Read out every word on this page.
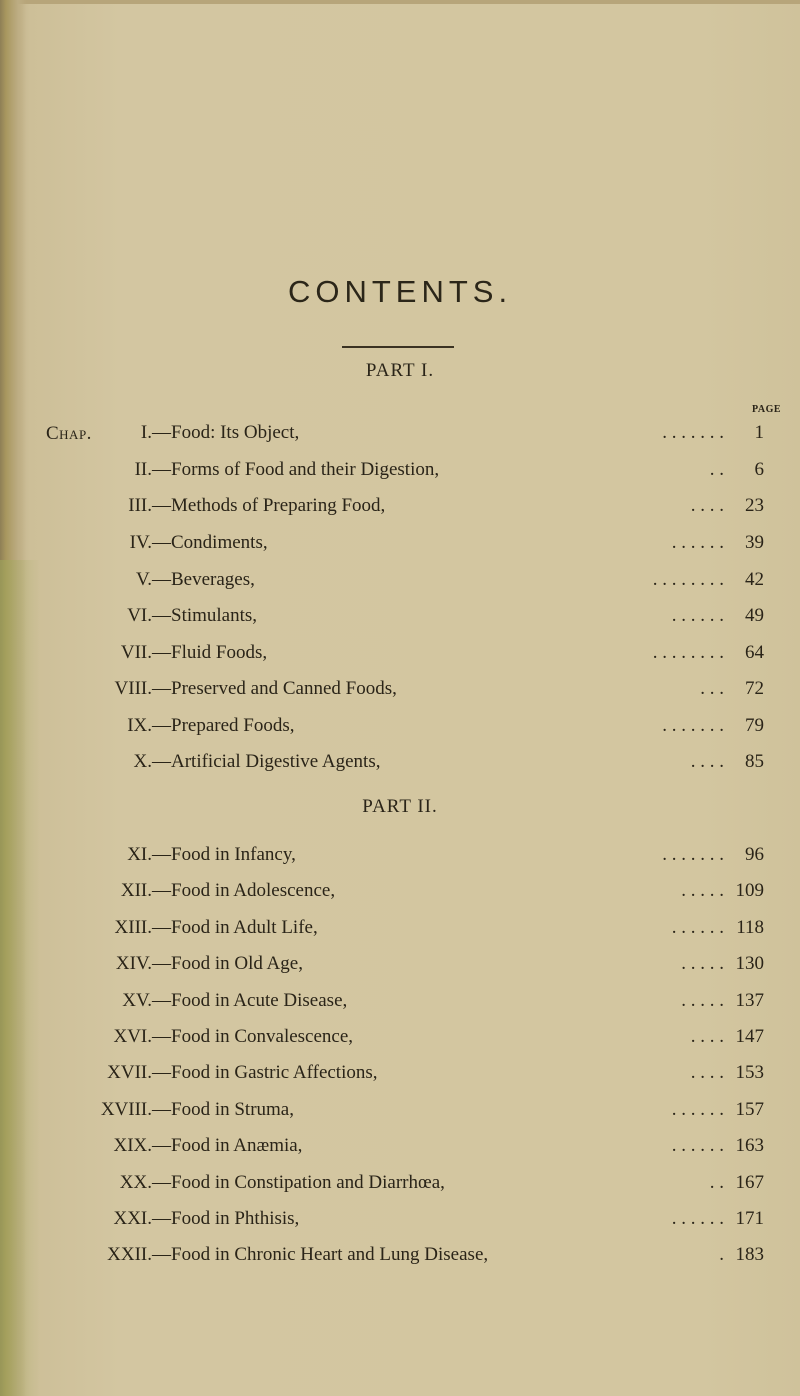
CONTENTS.
PART I.
PAGE
Chap.	I. —Food: Its Object,	. . . . . . . 1
II. —Forms of Food and their Digestion,	. . 6
III. —Methods of Preparing Food,	. . . . 23
IV. —Condiments,	. . . . . . 39
V. —Beverages,	. . . . . . . . 42
VI. —Stimulants,	. . . . . . 49
VII. —Fluid Foods,	. . . . . . . . 64
VIII. —Preserved and Canned Foods,	. . . 72
IX. —Prepared Foods,	. . . . . . . 79
X. —Artificial Digestive Agents,	. . . . 85
PART II.
XI. —Food in Infancy,	. . . . . . . 96
XII. —Food in Adolescence,	. . . . . 109
XIII. —Food in Adult Life,	. . . . . . 118
XIV. —Food in Old Age,	. . . . . 130
XV. —Food in Acute Disease,	. . . . . 137
XVI. —Food in Convalescence,	. . . . 147
XVII. —Food in Gastric Affections,	. . . . 153
XVIII. —Food in Struma,	. . . . . . 157
XIX. —Food in Anæmia,	. . . . . . 163
XX. —Food in Constipation and Diarrhœa,	. . 167
XXI. —Food in Phthisis,	. . . . . . 171
XXII. —Food in Chronic Heart and Lung Disease,	. 183
